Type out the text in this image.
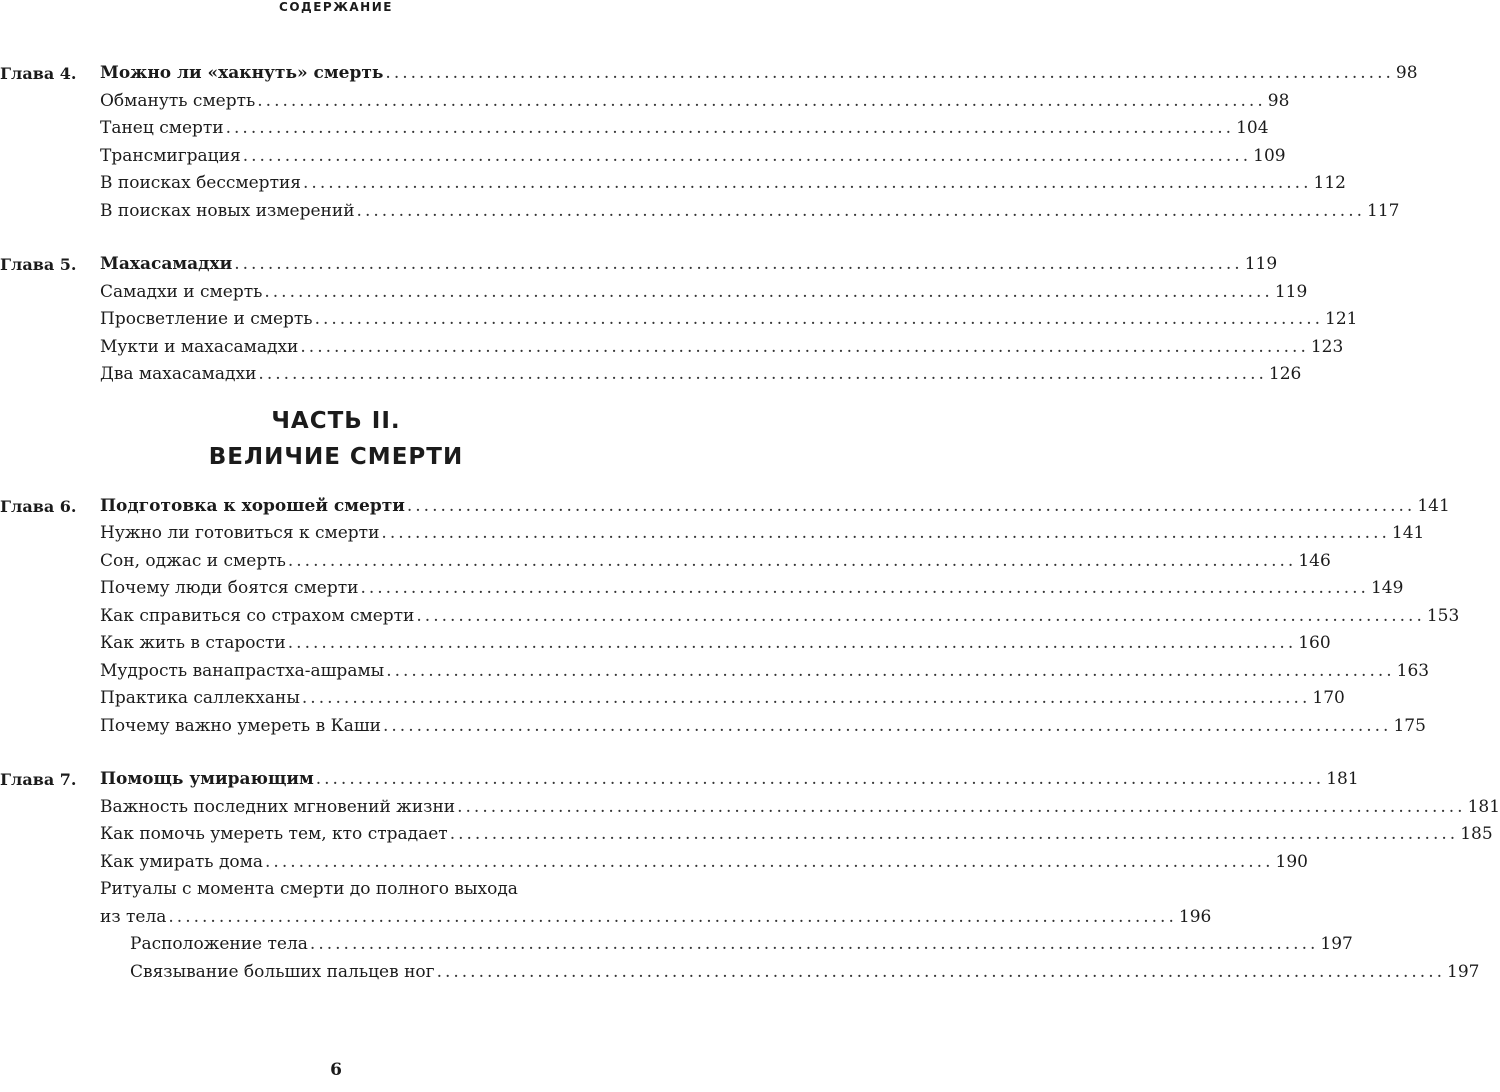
СОДЕРЖАНИЕ
Глава 4. Можно ли «хакнуть» смерть ........................................................................................................................ 98
Обмануть смерть ........................................................................................................................ 98
Танец смерти ........................................................................................................................ 104
Трансмиграция ........................................................................................................................ 109
В поисках бессмертия ........................................................................................................................ 112
В поисках новых измерений ........................................................................................................................ 117
Глава 5. Махасамадхи ........................................................................................................................ 119
Самадхи и смерть ........................................................................................................................ 119
Просветление и смерть ........................................................................................................................ 121
Мукти и махасамадхи ........................................................................................................................ 123
Два махасамадхи ........................................................................................................................ 126
ЧАСТЬ II.
ВЕЛИЧИЕ СМЕРТИ
Глава 6. Подготовка к хорошей смерти ........................................................................................................................ 141
Нужно ли готовиться к смерти ........................................................................................................................ 141
Сон, оджас и смерть ........................................................................................................................ 146
Почему люди боятся смерти ........................................................................................................................ 149
Как справиться со страхом смерти ........................................................................................................................ 153
Как жить в старости ........................................................................................................................ 160
Мудрость ванапрастха-ашрамы ........................................................................................................................ 163
Практика саллекханы ........................................................................................................................ 170
Почему важно умереть в Каши ........................................................................................................................ 175
Глава 7. Помощь умирающим ........................................................................................................................ 181
Важность последних мгновений жизни ........................................................................................................................ 181
Как помочь умереть тем, кто страдает ........................................................................................................................ 185
Как умирать дома ........................................................................................................................ 190
Ритуалы с момента смерти до полного выхода
из тела ........................................................................................................................ 196
Расположение тела ........................................................................................................................ 197
Связывание больших пальцев ног ........................................................................................................................ 197
6
